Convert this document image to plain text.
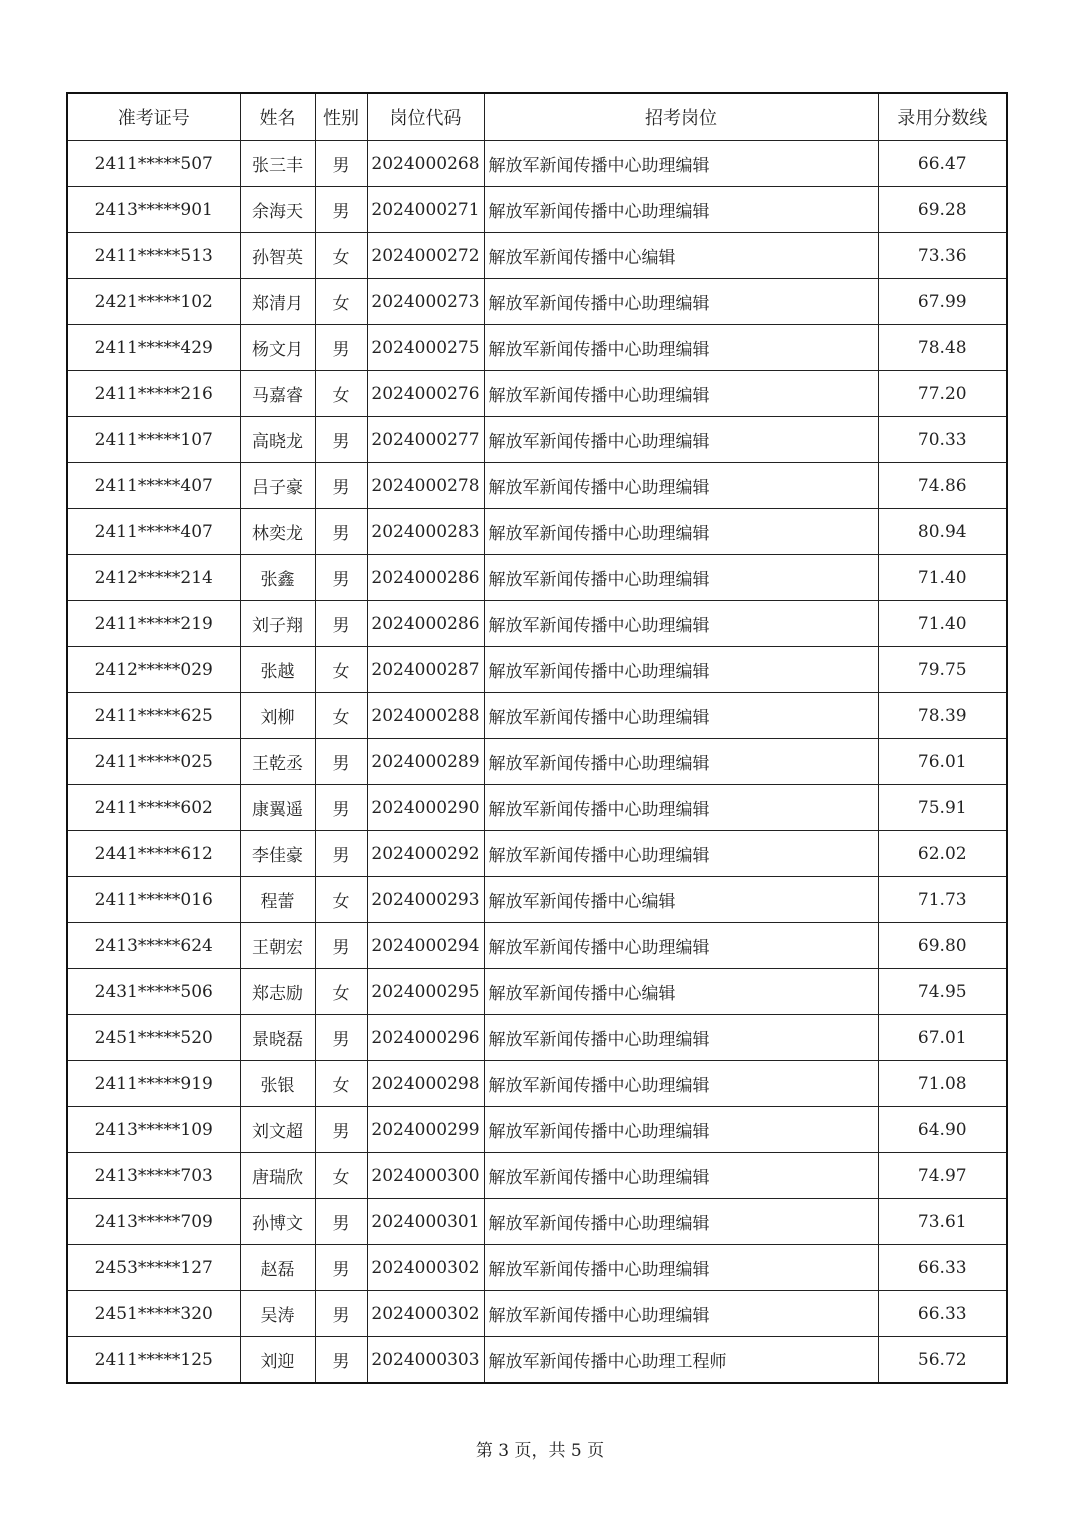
准考证号	姓名	性别	岗位代码	招考岗位	录用分数线
2411*****507	张三丰	男	2024000268	解放军新闻传播中心助理编辑	66.47
2413*****901	余海天	男	2024000271	解放军新闻传播中心助理编辑	69.28
2411*****513	孙智英	女	2024000272	解放军新闻传播中心编辑	73.36
2421*****102	郑清月	女	2024000273	解放军新闻传播中心助理编辑	67.99
2411*****429	杨文月	男	2024000275	解放军新闻传播中心助理编辑	78.48
2411*****216	马嘉睿	女	2024000276	解放军新闻传播中心助理编辑	77.20
2411*****107	高晓龙	男	2024000277	解放军新闻传播中心助理编辑	70.33
2411*****407	吕子豪	男	2024000278	解放军新闻传播中心助理编辑	74.86
2411*****407	林奕龙	男	2024000283	解放军新闻传播中心助理编辑	80.94
2412*****214	张鑫	男	2024000286	解放军新闻传播中心助理编辑	71.40
2411*****219	刘子翔	男	2024000286	解放军新闻传播中心助理编辑	71.40
2412*****029	张越	女	2024000287	解放军新闻传播中心助理编辑	79.75
2411*****625	刘柳	女	2024000288	解放军新闻传播中心助理编辑	78.39
2411*****025	王乾丞	男	2024000289	解放军新闻传播中心助理编辑	76.01
2411*****602	康翼遥	男	2024000290	解放军新闻传播中心助理编辑	75.91
2441*****612	李佳豪	男	2024000292	解放军新闻传播中心助理编辑	62.02
2411*****016	程蕾	女	2024000293	解放军新闻传播中心编辑	71.73
2413*****624	王朝宏	男	2024000294	解放军新闻传播中心助理编辑	69.80
2431*****506	郑志励	女	2024000295	解放军新闻传播中心编辑	74.95
2451*****520	景晓磊	男	2024000296	解放军新闻传播中心助理编辑	67.01
2411*****919	张银	女	2024000298	解放军新闻传播中心助理编辑	71.08
2413*****109	刘文超	男	2024000299	解放军新闻传播中心助理编辑	64.90
2413*****703	唐瑞欣	女	2024000300	解放军新闻传播中心助理编辑	74.97
2413*****709	孙博文	男	2024000301	解放军新闻传播中心助理编辑	73.61
2453*****127	赵磊	男	2024000302	解放军新闻传播中心助理编辑	66.33
2451*****320	吴涛	男	2024000302	解放军新闻传播中心助理编辑	66.33
2411*****125	刘迎	男	2024000303	解放军新闻传播中心助理工程师	56.72
第 3 页，共 5 页
